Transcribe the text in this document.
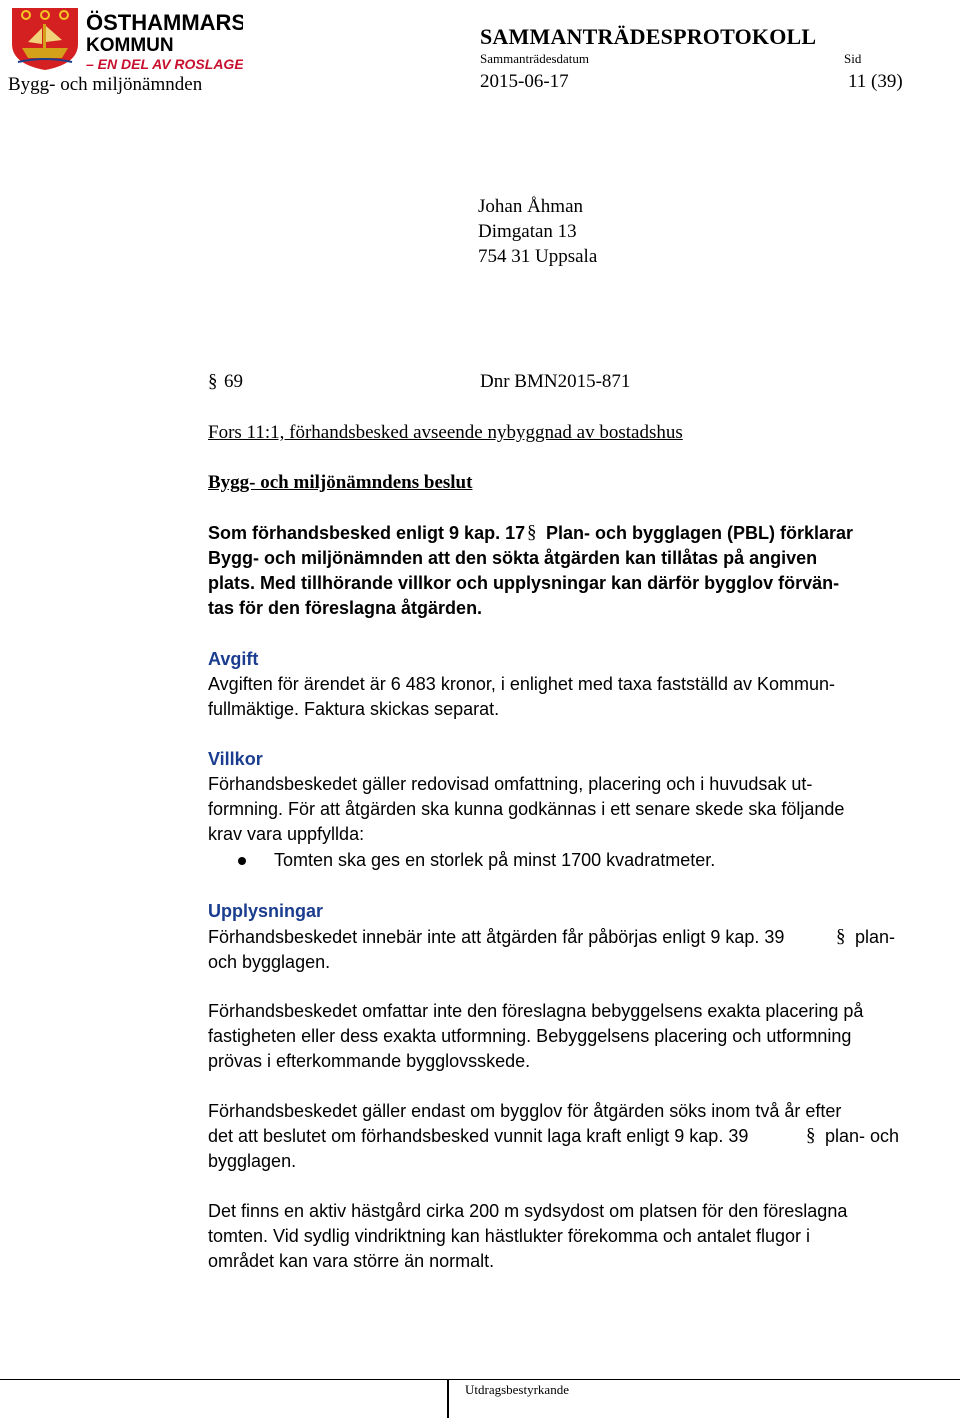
ÖSTHAMMARS
KOMMUN
– EN DEL AV ROSLAGEN
Bygg- och miljönämnden
SAMMANTRÄDESPROTOKOLL
Sammanträdesdatum	Sid
2015-06-17	11 (39)
Johan Åhman
Dimgatan 13
754 31 Uppsala
§ 69	Dnr BMN2015-871
Fors 11:1, förhandsbesked avseende nybyggnad av bostadshus
Bygg- och miljönämndens beslut
Som förhandsbesked enligt 9 kap. 17 § Plan- och bygglagen (PBL) förklarar
Bygg- och miljönämnden att den sökta åtgärden kan tillåtas på angiven
plats. Med tillhörande villkor och upplysningar kan därför bygglov förvän-
tas för den föreslagna åtgärden.
Avgift
Avgiften för ärendet är 6 483 kronor, i enlighet med taxa fastställd av Kommun-
fullmäktige. Faktura skickas separat.
Villkor
Förhandsbeskedet gäller redovisad omfattning, placering och i huvudsak ut-
formning. För att åtgärden ska kunna godkännas i ett senare skede ska följande
krav vara uppfyllda:
Tomten ska ges en storlek på minst 1700 kvadratmeter.
Upplysningar
Förhandsbeskedet innebär inte att åtgärden får påbörjas enligt 9 kap. 39	§ plan-
och bygglagen.
Förhandsbeskedet omfattar inte den föreslagna bebyggelsens exakta placering på
fastigheten eller dess exakta utformning. Bebyggelsens placering och utformning
prövas i efterkommande bygglovsskede.
Förhandsbeskedet gäller endast om bygglov för åtgärden söks inom två år efter
det att beslutet om förhandsbesked vunnit laga kraft enligt 9 kap. 39	§ plan- och
bygglagen.
Det finns en aktiv hästgård cirka 200 m sydsydost om platsen för den föreslagna
tomten. Vid sydlig vindriktning kan hästlukter förekomma och antalet flugor i
området kan vara större än normalt.
Utdragsbestyrkande
